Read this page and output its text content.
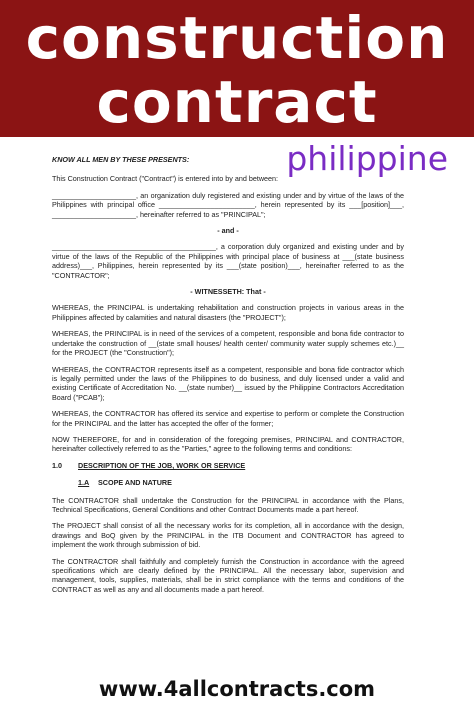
construction
contract
philippine

KNOW ALL MEN BY THESE PRESENTS:

This Construction Contract ("Contract") is entered into by and between:

_____________________, an organization duly registered and existing under and by virtue of the laws of the Philippines with principal office ________________________, herein represented by its ___[position]___, _____________________, hereinafter referred to as "PRINCIPAL";

- and -

_________________________________________, a corporation duly organized and existing under and by virtue of the laws of the Republic of the Philippines with principal place of business at ___(state business address)___, Philippines, herein represented by its ___(state position)___, hereinafter referred to as the "CONTRACTOR";

- WITNESSETH: That -

WHEREAS, the PRINCIPAL is undertaking rehabilitation and construction projects in various areas in the Philippines affected by calamities and natural disasters (the "PROJECT");

WHEREAS, the PRINCIPAL is in need of the services of a competent, responsible and bona fide contractor to undertake the construction of __(state small houses/ health center/ community water supply schemes etc.)__ for the PROJECT (the "Construction");

WHEREAS, the CONTRACTOR represents itself as a competent, responsible and bona fide contractor which is legally permitted under the laws of the Philippines to do business, and duly licensed under a valid and existing Certificate of Accreditation No. __(state number)__ issued by the Philippine Contractors Accreditation Board ("PCAB");

WHEREAS, the CONTRACTOR has offered its service and expertise to perform or complete the Construction for the PRINCIPAL and the latter has accepted the offer of the former;

NOW THEREFORE, for and in consideration of the foregoing premises, PRINCIPAL and CONTRACTOR, hereinafter collectively referred to as the "Parties," agree to the following terms and conditions:

1.0	DESCRIPTION OF THE JOB, WORK OR SERVICE

1.A	SCOPE AND NATURE

The CONTRACTOR shall undertake the Construction for the PRINCIPAL in accordance with the Plans, Technical Specifications, General Conditions and other Contract Documents made a part hereof.

The PROJECT shall consist of all the necessary works for its completion, all in accordance with the design, drawings and BoQ given by the PRINCIPAL in the ITB Document and CONTRACTOR has agreed to implement the work through submission of bid.

The CONTRACTOR shall faithfully and completely furnish the Construction in accordance with the agreed specifications which are clearly defined by the PRINCIPAL. All the necessary labor, supervision and management, tools, supplies, materials, shall be in strict compliance with the terms and conditions of the CONTRACT as well as any and all documents made a part hereof.

www.4allcontracts.com
